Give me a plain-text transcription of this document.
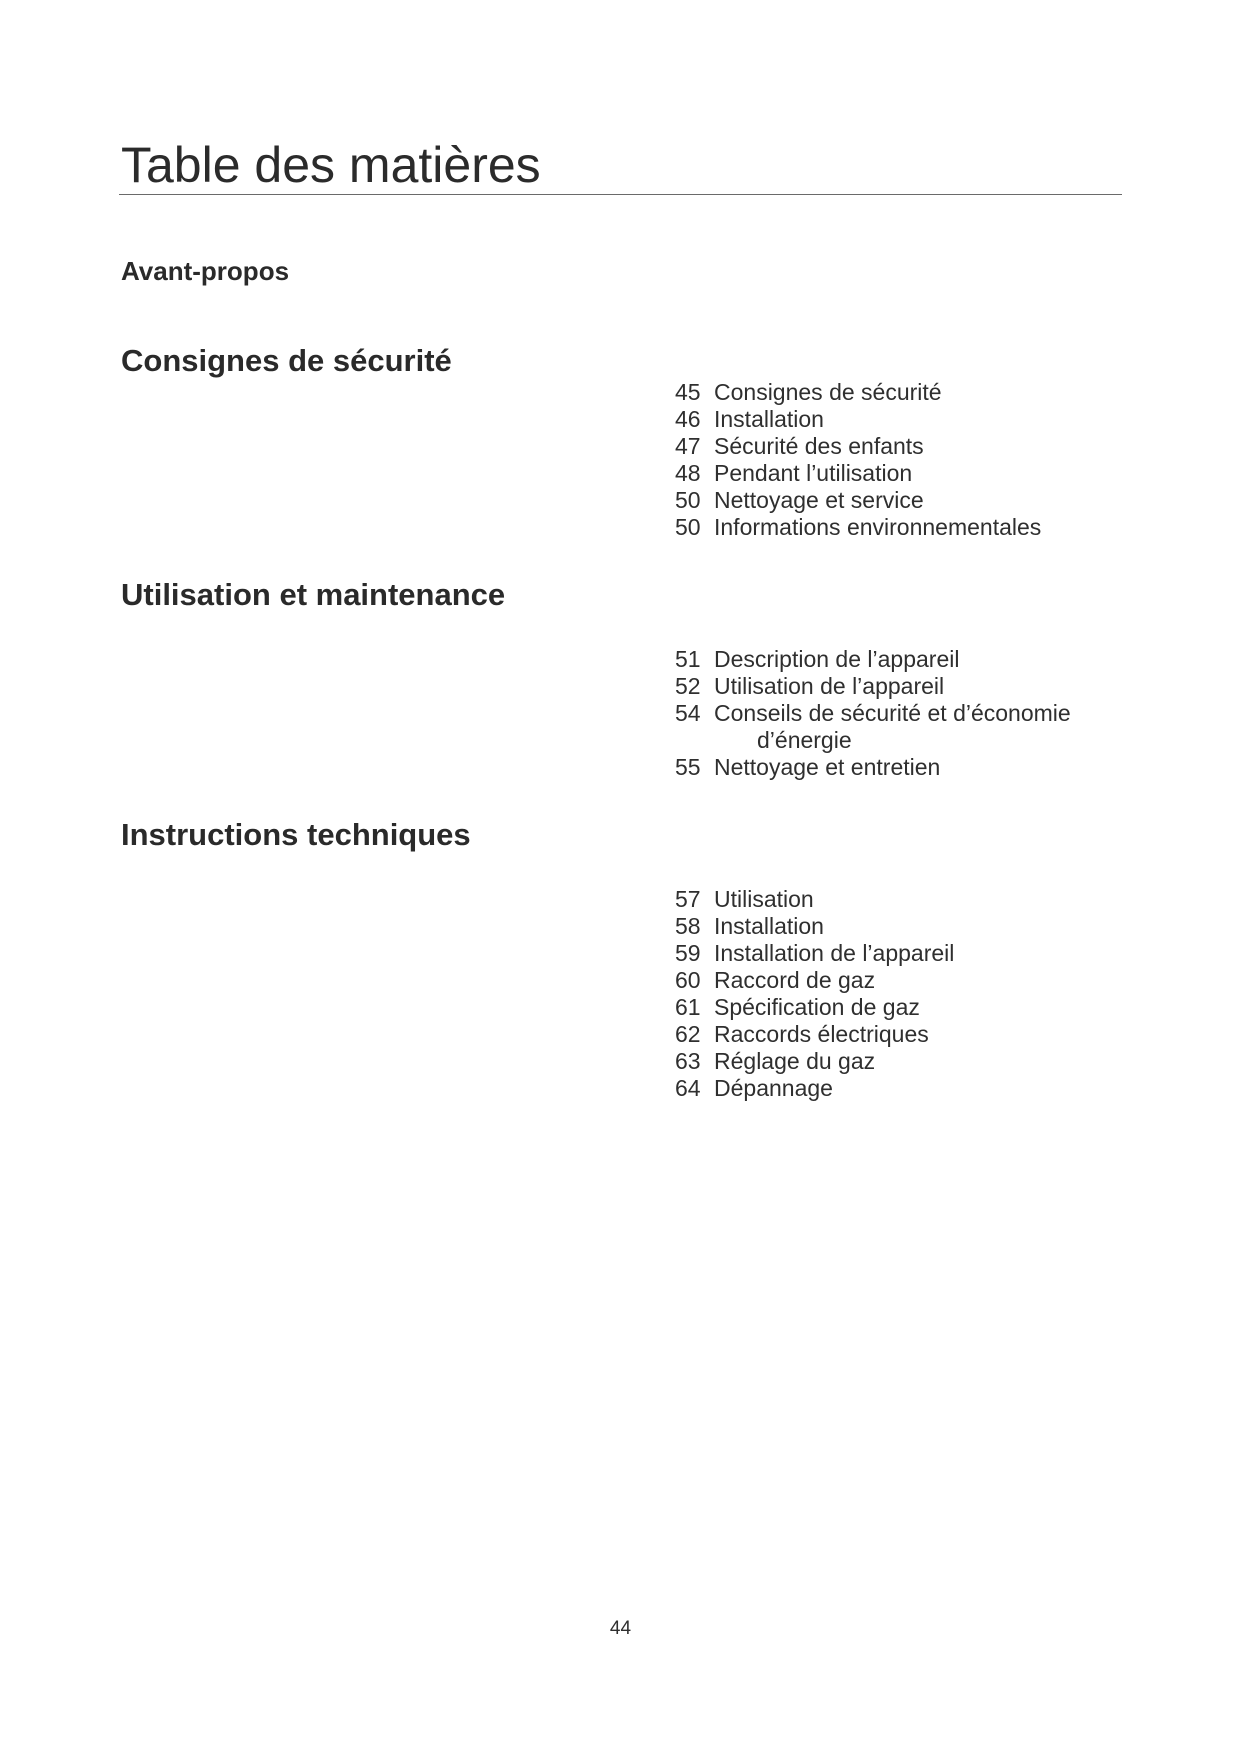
Table des matières
Avant-propos
Consignes de sécurité
45 Consignes de sécurité
46 Installation
47 Sécurité des enfants
48 Pendant l’utilisation
50 Nettoyage et service
50 Informations environnementales
Utilisation et maintenance
51 Description de l’appareil
52 Utilisation de l’appareil
54 Conseils de sécurité et d’économie
d’énergie
55 Nettoyage et entretien
Instructions techniques
57 Utilisation
58 Installation
59 Installation de l’appareil
60 Raccord de gaz
61 Spécification de gaz
62 Raccords électriques
63 Réglage du gaz
64 Dépannage
44
